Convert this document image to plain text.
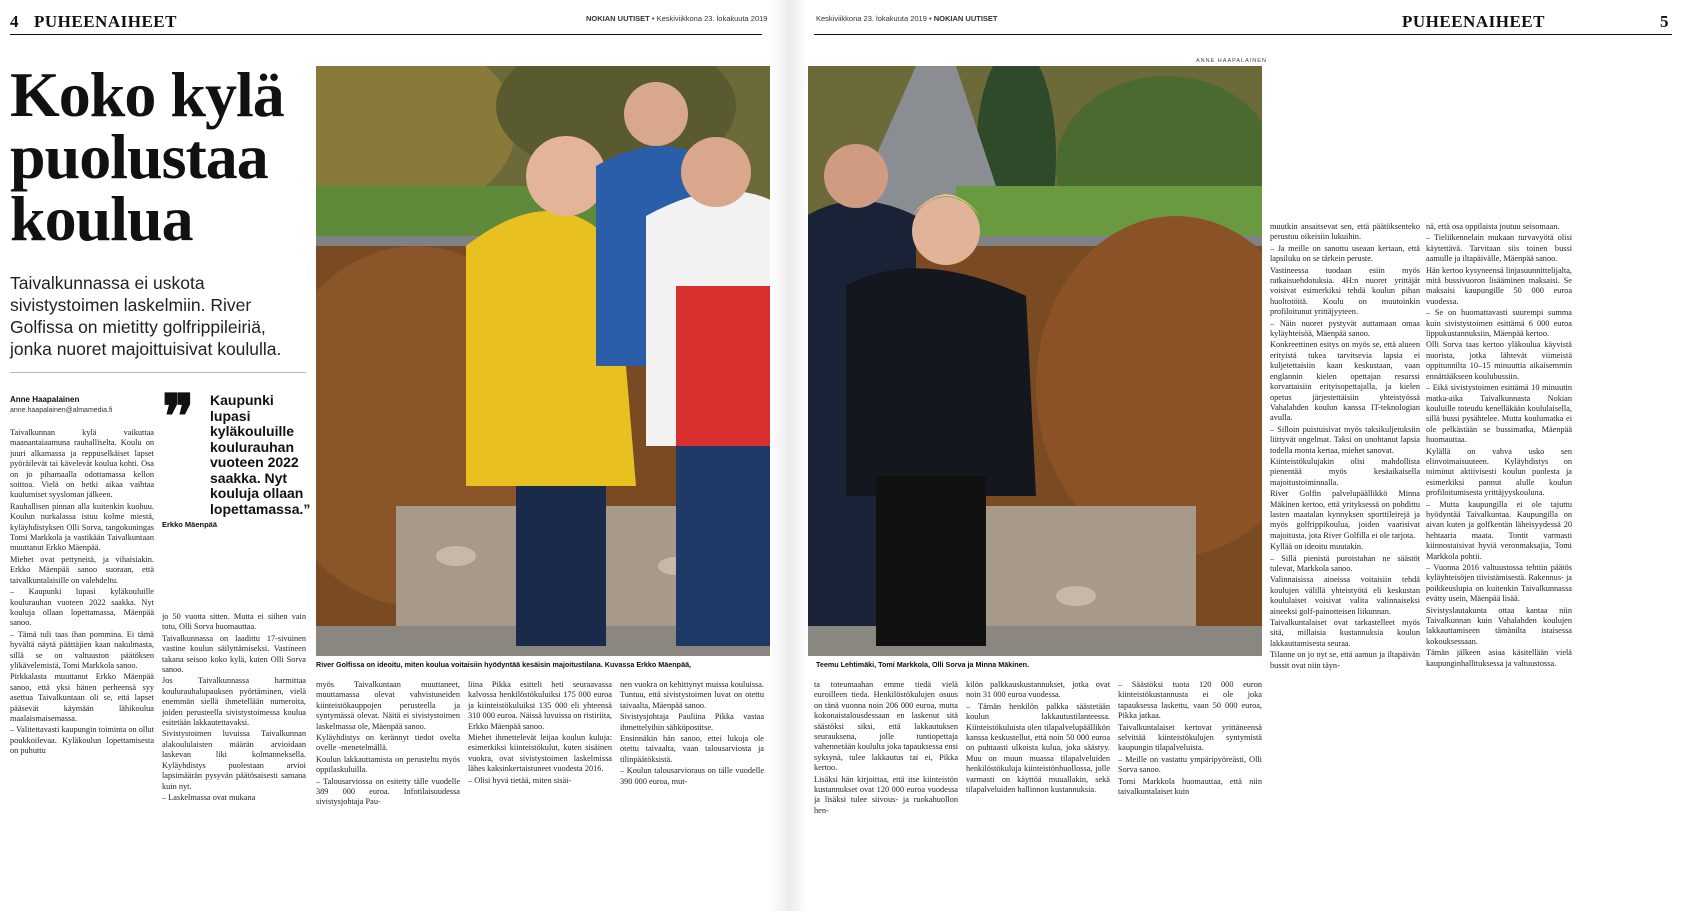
4 PUHEENAIHEET	NOKIAN UUTISET • Keskiviikkona 23. lokakuuta 2019	Keskiviikkona 23. lokakuuta 2019 • NOKIAN UUTISET	PUHEENAIHEET	5
Koko kylä
puolustaa
koulua
Taivalkunnassa ei uskota sivistystoimen laskelmiin. River Golfissa on mietitty golfrippileiriä, jonka nuoret majoittuisivat koululla.
Anne Haapalainen
anne.haapalainen@almamedia.fi ❞ Kaupunki lupasi kyläkouluille koulurauhan vuoteen 2022 saakka. Nyt kouluja ollaan lopettamassa.”
Erkko Mäenpää

Taivalkunnan kylä vaikuttaa maanantaiaamuna rauhalliselta. Koulu on juuri alkamassa ja reppuselkäiset lapset pyöräilevät tai kävelevät koulua kohti. Osa on jo pihamaalla odottamassa kellon soittoa. Vielä on hetki aikaa vaihtaa kuulumiset syysloman jälkeen.

Rauhallisen pinnan alla kuitenkin kuohuu. Koulun nurkalassa istuu kolme miestä, kyläyhdistyksen Olli Sorva, tangokuningas Tomi Markkola ja vastikään Taivalkuntaan muuttanut Erkko Mäenpää.

Miehet ovat pettyneitä, ja vihaisiakin. Erkko Mäenpää sanoo suoraan, että taivalkuntalaisille on valehdeltu.

– Kaupunki lupasi kyläkouluille koulurauhan vuoteen 2022 saakka. Nyt kouluja ollaan lopettamassa, Mäenpää sanoo.

– Tämä tuli taas ihan pommina. Ei tämä hyvältä näytä päättäjien kaan nakulmasta, sillä se on valtuuston päätöksen ylikävelemistä, Tomi Markkola sanoo.

Pirkkalasta muuttanut Erkko Mäenpää sanoo, että yksi hänen perheensä syy asettua Taivalkuntaan oli se, että lapset pääsevät käymään lähikoulua maalaismaisemassa.

– Valitettavasti kaupungin toiminta on ollut poukkoilevaa. Kyläkoulun lopettamisesta on puhuttu

jo 50 vuotta sitten. Mutta ei siihen vain totu, Olli Sorva huomauttaa.

Taivalkunnassa on laadittu 17-sivuinen vastine koulun säilyttämiseksi. Vastineen takana seisoo koko kylä, kuten Olli Sorva sanoo.

Jos Taivalkunnassa harmittaa koulurauhalupauksen pyörtäminen, vielä enemmän siellä ihmetellään numeroita, joiden perusteella sivistystoimessa koulua esitetään lakkautettavaksi.

Sivistystoimen luvuissa Taivalkunnan alakoululaisten määrän arvioidaan laskevan liki kolmanneksella. Kyläyhdistys puolestaan arvioi lapsimäärän pysyvän päätösaisesti samana kuin nyt.

– Laskelmassa ovat mukana

ANNE HAAPALAINEN
River Golfissa on ideoitu, miten koulua voitaisiin hyödyntää kesäisin majoitustilana. Kuvassa Erkko Mäenpää,	Teemu Lehtimäki, Tomi Markkola, Olli Sorva ja Minna Mäkinen.

myös Taivalkuntaan muuttaneet, muuttamassa olevat vahvistuneiden kiinteistökauppojen perusteella ja syntymässä olevat. Näitä ei sivistystoimen laskelmassa ole, Mäenpää sanoo.

Kyläyhdistys on kerännyt tiedot ovelta ovelle -menetelmällä.

Koulun lakkauttamista on perusteltu myös oppilaskuluilla.

– Talousarviossa on esitetty tälle vuodelle 389 000 euroa. Infotilaisuudessa sivistysjohtaja Pau-

liina Pikka esitteli heti seuraavassa kalvossa henkilöstökuluiksi 175 000 euroa ja kiinteistökuluiksi 135 000 eli yhteensä 310 000 euroa. Näissä luvuissa on ristiriita, Erkko Mäenpää sanoo.

Miehet ihmettelevät leijaa koulun kuluja: esimerkiksi kiinteistökulut, kuten sisäinen vuokra, ovat sivistystoimen laskelmissa lähes kaksinkertaistuneet vuodesta 2016.

– Olisi hyvä tietää, miten sisäi-

nen vuokra on kehittynyt muissa kouluissa. Tuntuu, että sivistystoimen luvat on otettu taivaalta, Mäenpää sanoo.

Sivistysjohtaja Pauliina Pikka vastaa ihmettelyihin sähköpostitse.

Ensinnäkin hän sanoo, ettei lukuja ole otettu taivaalta, vaan talousarviosta ja tilinpäätöksistä.

– Koulun talousarvioraus on tälle vuodelle 390 000 euroa, mut-

ta toteumaahan emme tiedä vielä euroilleen tieda. Henkilöstökulujen osuus on tänä vuonna noin 206 000 euroa, mutta kokonaistalousdessaan en laskenut sitä säästöksi siksi, että lakkautuksen seurauksena, jolle tuntiopettaja vahennetään koululta joka tapauksessa ensi syksynä, tulee lakkautus tai ei, Pikka kertoo.

Lisäksi hän kirjoittaa, että itse kiinteistön kustannukset ovat 120 000 euroa vuodessa ja lisäksi tulee siivous- ja ruokahuollon hen-

kilön palkkauskustannukset, jotka ovat noin 31 000 euroa vuodessa.

– Tämän henkilön palkka säästetään koulun lakkautustilanteessa. Kiinteistökuluista olen tilapalvelupäällikön kanssa keskustellut, että noin 50 000 euroa on puhtaasti ulkoista kuluа, joka säästyy. Muu on muun muassa tilapalveluiden henkilöstökuluja kiinteistönhuollossa, jolle varmasti on käyttöä muuallakin, sekä tilapalveluiden hallinnon kustannuksia.

– Säästöksi tuota 120 000 euron kiinteistökustannusta ei ole joka tapauksessa laskettu, vaan 50 000 euroa, Pikka jatkaa.

Taivalkuntalaiset kertovat yrittäneensä selvittää kiinteistökulujen syntymistä kaupungin tilapalveluista.

– Meille on vastattu ympäripyöreästi, Olli Sorva sanoo.

Tomi Markkola huomauttaa, että niin taivalkuntalaiset kuin

muutkin ansaitsevat sen, että päätöksenteko perustuu oikeisiin lukuihin.

– Ja meille on sanottu useaan kertaan, että lapsiluku on se tärkein peruste.

Vastineessa tuodaan esiin myös ratkaisuehdotuksia. 4H:n nuoret yrittäjät voisivat esimerkiksi tehdä koulun pihan huoltotöitä. Koulu on muutoinkin profiloitunut yrittäjyyteen.

– Näin nuoret pystyvät auttamaan omaa kyläyhteisöä, Mäenpää sanoo.

Konkreettinen esitys on myös se, että alueen erityistä tukea tarvitsevia lapsia ei kuljetettaisiin kaan keskustaan, vaan englannin kielen opettajan resurssi korvattaisiin erityisopettajalla, ja kielen opetus järjestettäisiin yhteistyössä Vahalahden koulun kanssa IT-teknologian avulla.

– Silloin puistuisivat myös taksikuljetuksiin liittyvät ongelmat. Taksi on unohtanut lapsia todella monta kertaa, miehet sanovat.

Kiinteistökulujakin olisi mahdollista pienentää myös kesäaikaisella majoitustoiminnalla.

River Golfin palvelupäällikkö Minna Mäkinen kertoo, että yrityksessä on pohdittu lasten maatalan kynnyksen sporttileirejä ja myös golfrippikoulua, joiden vaarisivat majoitusta, jota River Golfilla ei ole tarjota.

Kyllää on ideoitu muutakin.

– Sillä pienistä puroistahan ne säästöt tulevat, Markkola sanoo.

Valinnaisissa aineissa voitaisiin tehdä koulujen välillä yhteistyötä eli keskustan koululaiset voisivat valita valinnaiseksi aineeksi golf-painotteisen liikunnan.

Taivalkuntalaiset ovat tarkastelleet myös sitä, millaisia kustannuksia koulun lakkauttamisesta seuraa.

Tilanne on jo nyt se, että aamun ja iltapäivän bussit ovat niin täyn-

nä, että osa oppilaista joutuu seisomaan.

– Tieliikennelain mukaan turvavyötä olisi käytettävä. Tarvitaan siis toinen bussi aamulle ja iltapäivälle, Mäenpää sanoo.

Hän kertoo kysyneensä linjasuunnittelijalta, mitä bussivuoron lisääminen maksaisi. Se maksaisi kaupungille 50 000 euroa vuodessa.

– Se on huomattavasti suurempi summa kuin sivistystoimen esittämä 6 000 euroa lippukustannuksiin, Mäenpää kertoo.

Olli Sorva taas kertoo yläkoulua käyvistä nuorista, jotka lähtevät viimeistä oppitunnilta 10–15 minuuttia aikaisemmin ennättääkseen koulubussiin.

– Eikä sivistystoimen esittämä 10 minuutin matka-aika Taivalkunnasta Nokian kouluille toteudu kenelläkään koululaisella, sillä bussi pysähtelee. Mutta koulumatka ei ole pelkästään se bussimatka, Mäenpää huomauttaa.

Kylällä on vahva usko sen elinvoimaisuuteen. Kyläyhdistys on toiminut aktiivisesti koulun puolesta ja esimerkiksi pannut alulle koulun profiloitumisesta yrittäjyyskouluna.

– Mutta kaupungilla ei ole tajuttu hyödyntää Taivalkuntaa. Kaupungilla on aivan kuten ja golfkentän läheisyydessä 20 hehtaaria maata. Tontit varmasti kiinnostaisivat hyviä veronmaksajia, Tomi Markkola pohtii.

– Vuonna 2016 valtuustossa tehtiin päätös kyläyhteisöjen tiivistämisestä. Rakennus- ja poikkeuslupia on kuitenkin Taivalkunnassa evätty usein, Mäenpää lisää.

Sivistyslautakunta ottaa kantaa niin Taivalkunnan kuin Vahalahden koulujen lakkauttamiseen tämänilta istaisessa kokouksessaan.

Tämän jälkeen asiaa käsitellään vielä kaupunginhallituksessa ja valtuustossa.
